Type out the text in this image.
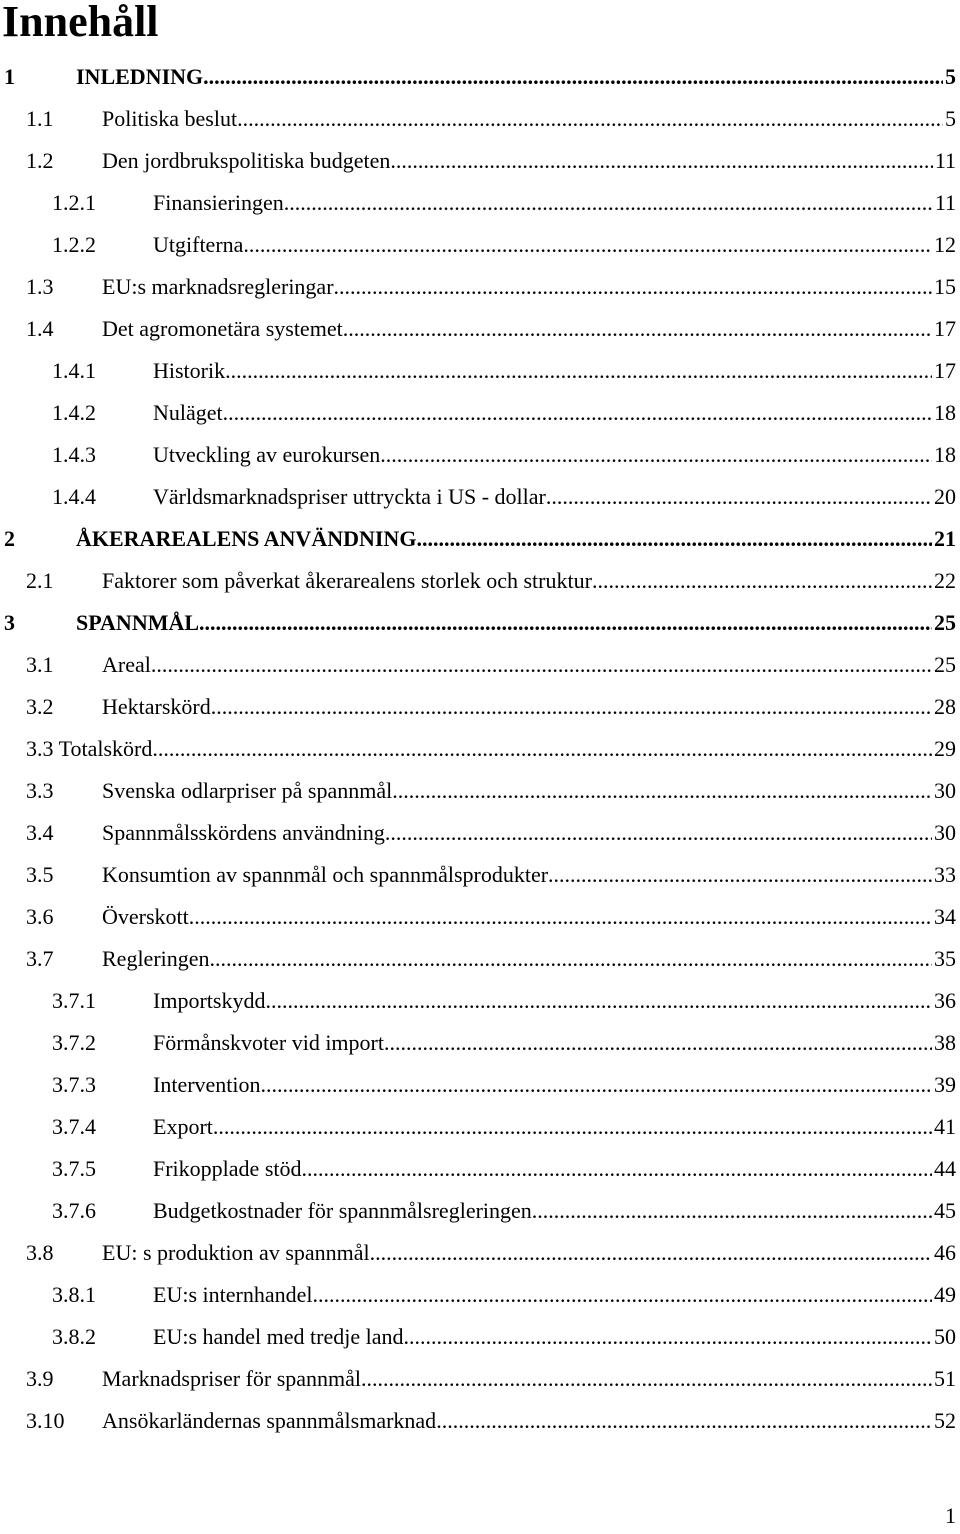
Innehåll
1	INLEDNING .....	5
1.1 Politiska beslut .....	5
1.2 Den jordbrukspolitiska budgeten .....	11
1.2.1	Finansieringen .....	11
1.2.2	Utgifterna .....	12
1.3 EU:s marknadsregleringar .....	15
1.4 Det agromonetära systemet .....	17
1.4.1	Historik .....	17
1.4.2	Nuläget .....	18
1.4.3	Utveckling av eurokursen .....	18
1.4.4	Världsmarknadspriser uttryckta i US - dollar .....	20
2	ÅKERAREALENS ANVÄNDNING .....	21
2.1 Faktorer som påverkat åkerarealens storlek och struktur .....	22
3	SPANNMÅL .....	25
3.1 Areal .....	25
3.2 Hektarskörd .....	28
3.3 Totalskörd .....	29
3.3 Svenska odlarpriser på spannmål .....	30
3.4 Spannmålsskördens användning .....	30
3.5 Konsumtion av spannmål och spannmålsprodukter .....	33
3.6 Överskott .....	34
3.7 Regleringen .....	35
3.7.1	Importskydd .....	36
3.7.2	Förmånskvoter vid import .....	38
3.7.3	Intervention .....	39
3.7.4	Export .....	41
3.7.5	Frikopplade stöd .....	44
3.7.6	Budgetkostnader för spannmålsregleringen .....	45
3.8 EU: s produktion av spannmål .....	46
3.8.1	EU:s internhandel .....	49
3.8.2	EU:s handel med tredje land .....	50
3.9 Marknadspriser för spannmål .....	51
3.10 Ansökarländernas spannmålsmarknad .....	52
1
